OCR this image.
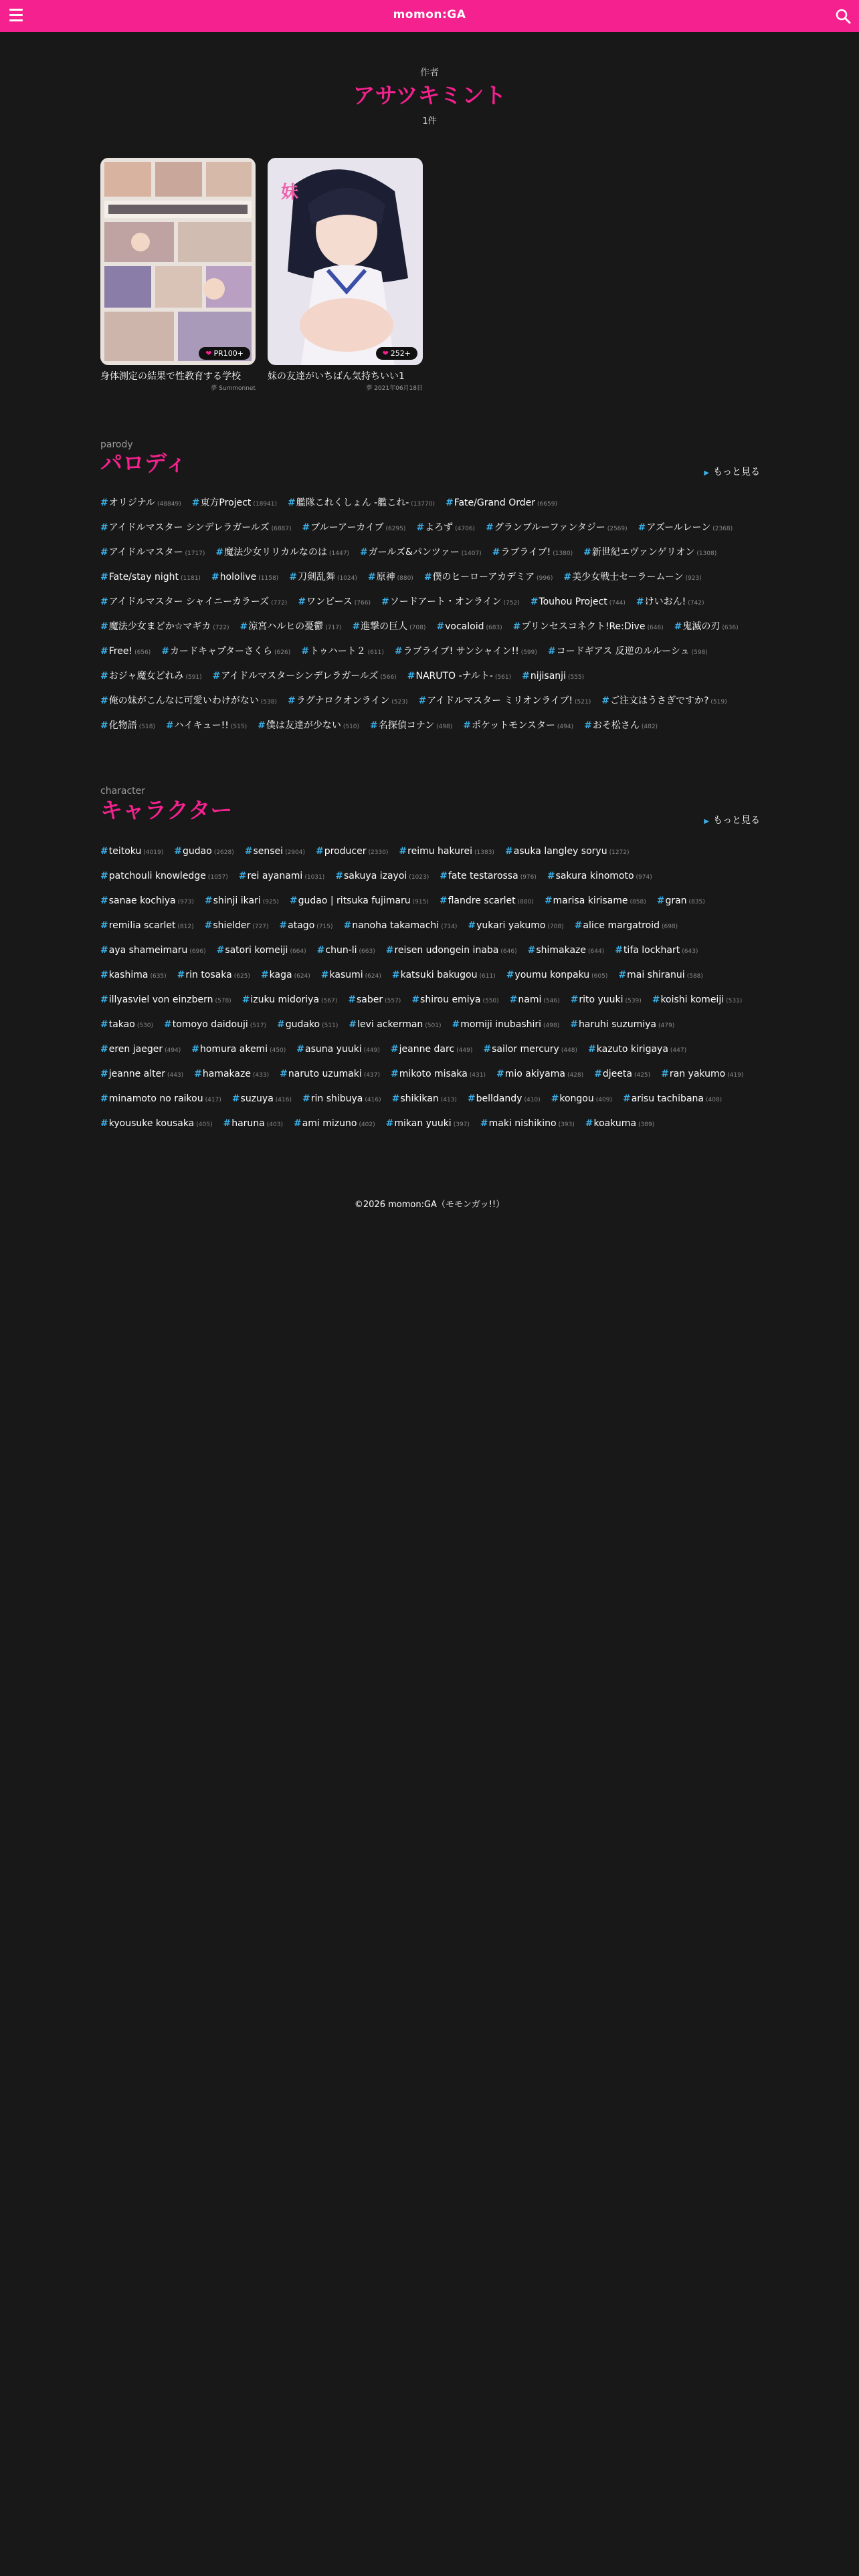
momon:GA
作者
アサツキミント
1件
❤ PR100+
身体測定の結果で性教育する学校
夢 Summonnet
妹
❤ 252+
妹の友達がいちばん気持ちいい1
夢 2021年06月18日
parody
パロディ	▶ もっと見る
#オリジナル (48849) #東方Project (18941) #艦隊これくしょん -艦これ- (13770) #Fate/Grand Order (6659)
#アイドルマスター シンデレラガールズ (6887) #ブルーアーカイブ (6295) #よろず (4706) #グランブルーファンタジー (2569) #アズールレーン (2368)
#アイドルマスター (1717) #魔法少女リリカルなのは (1447) #ガールズ&パンツァー (1407) #ラブライブ! (1380) #新世紀エヴァンゲリオン (1308)
#Fate/stay night (1181) #hololive (1158) #刀剣乱舞 (1024) #原神 (880) #僕のヒーローアカデミア (996) #美少女戦士セーラームーン (923)
#アイドルマスター シャイニーカラーズ (772) #ワンピース (766) #ソードアート・オンライン (752) #Touhou Project (744) #けいおん! (742)
#魔法少女まどか☆マギカ (722) #涼宮ハルヒの憂鬱 (717) #進撃の巨人 (708) #vocaloid (683) #プリンセスコネクト!Re:Dive (646) #鬼滅の刃 (636)
#Free! (656) #カードキャプターさくら (626) #トゥハート２ (611) #ラブライブ! サンシャイン!! (599) #コードギアス 反逆のルルーシュ (598)
#おジャ魔女どれみ (591) #アイドルマスターシンデレラガールズ (566) #NARUTO -ナルト- (561) #nijisanji (555)
#俺の妹がこんなに可愛いわけがない (538) #ラグナロクオンライン (523) #アイドルマスター ミリオンライブ! (521) #ご注文はうさぎですか? (519)
#化物語 (518) #ハイキュー!! (515) #僕は友達が少ない (510) #名探偵コナン (498) #ポケットモンスター (494) #おそ松さん (482)
character
キャラクター	▶ もっと見る
#teitoku (4019) #gudao (2628) #sensei (2904) #producer (2330) #reimu hakurei (1383) #asuka langley soryu (1272)
#patchouli knowledge (1057) #rei ayanami (1031) #sakuya izayoi (1023) #fate testarossa (976) #sakura kinomoto (974)
#sanae kochiya (973) #shinji ikari (925) #gudao | ritsuka fujimaru (915) #flandre scarlet (880) #marisa kirisame (858) #gran (835)
#remilia scarlet (812) #shielder (727) #atago (715) #nanoha takamachi (714) #yukari yakumo (708) #alice margatroid (698)
#aya shameimaru (696) #satori komeiji (664) #chun-li (663) #reisen udongein inaba (646) #shimakaze (644) #tifa lockhart (643)
#kashima (635) #rin tosaka (625) #kaga (624) #kasumi (624) #katsuki bakugou (611) #youmu konpaku (605) #mai shiranui (588)
#illyasviel von einzbern (578) #izuku midoriya (567) #saber (557) #shirou emiya (550) #nami (546) #rito yuuki (539) #koishi komeiji (531)
#takao (530) #tomoyo daidouji (517) #gudako (511) #levi ackerman (501) #momiji inubashiri (498) #haruhi suzumiya (479)
#eren jaeger (494) #homura akemi (450) #asuna yuuki (449) #jeanne darc (449) #sailor mercury (448) #kazuto kirigaya (447)
#jeanne alter (443) #hamakaze (433) #naruto uzumaki (437) #mikoto misaka (431) #mio akiyama (428) #djeeta (425) #ran yakumo (419)
#minamoto no raikou (417) #suzuya (416) #rin shibuya (416) #shikikan (413) #belldandy (410) #kongou (409) #arisu tachibana (408)
#kyousuke kousaka (405) #haruna (403) #ami mizuno (402) #mikan yuuki (397) #maki nishikino (393) #koakuma (389)
©2026 momon:GA（モモンガッ!!）
